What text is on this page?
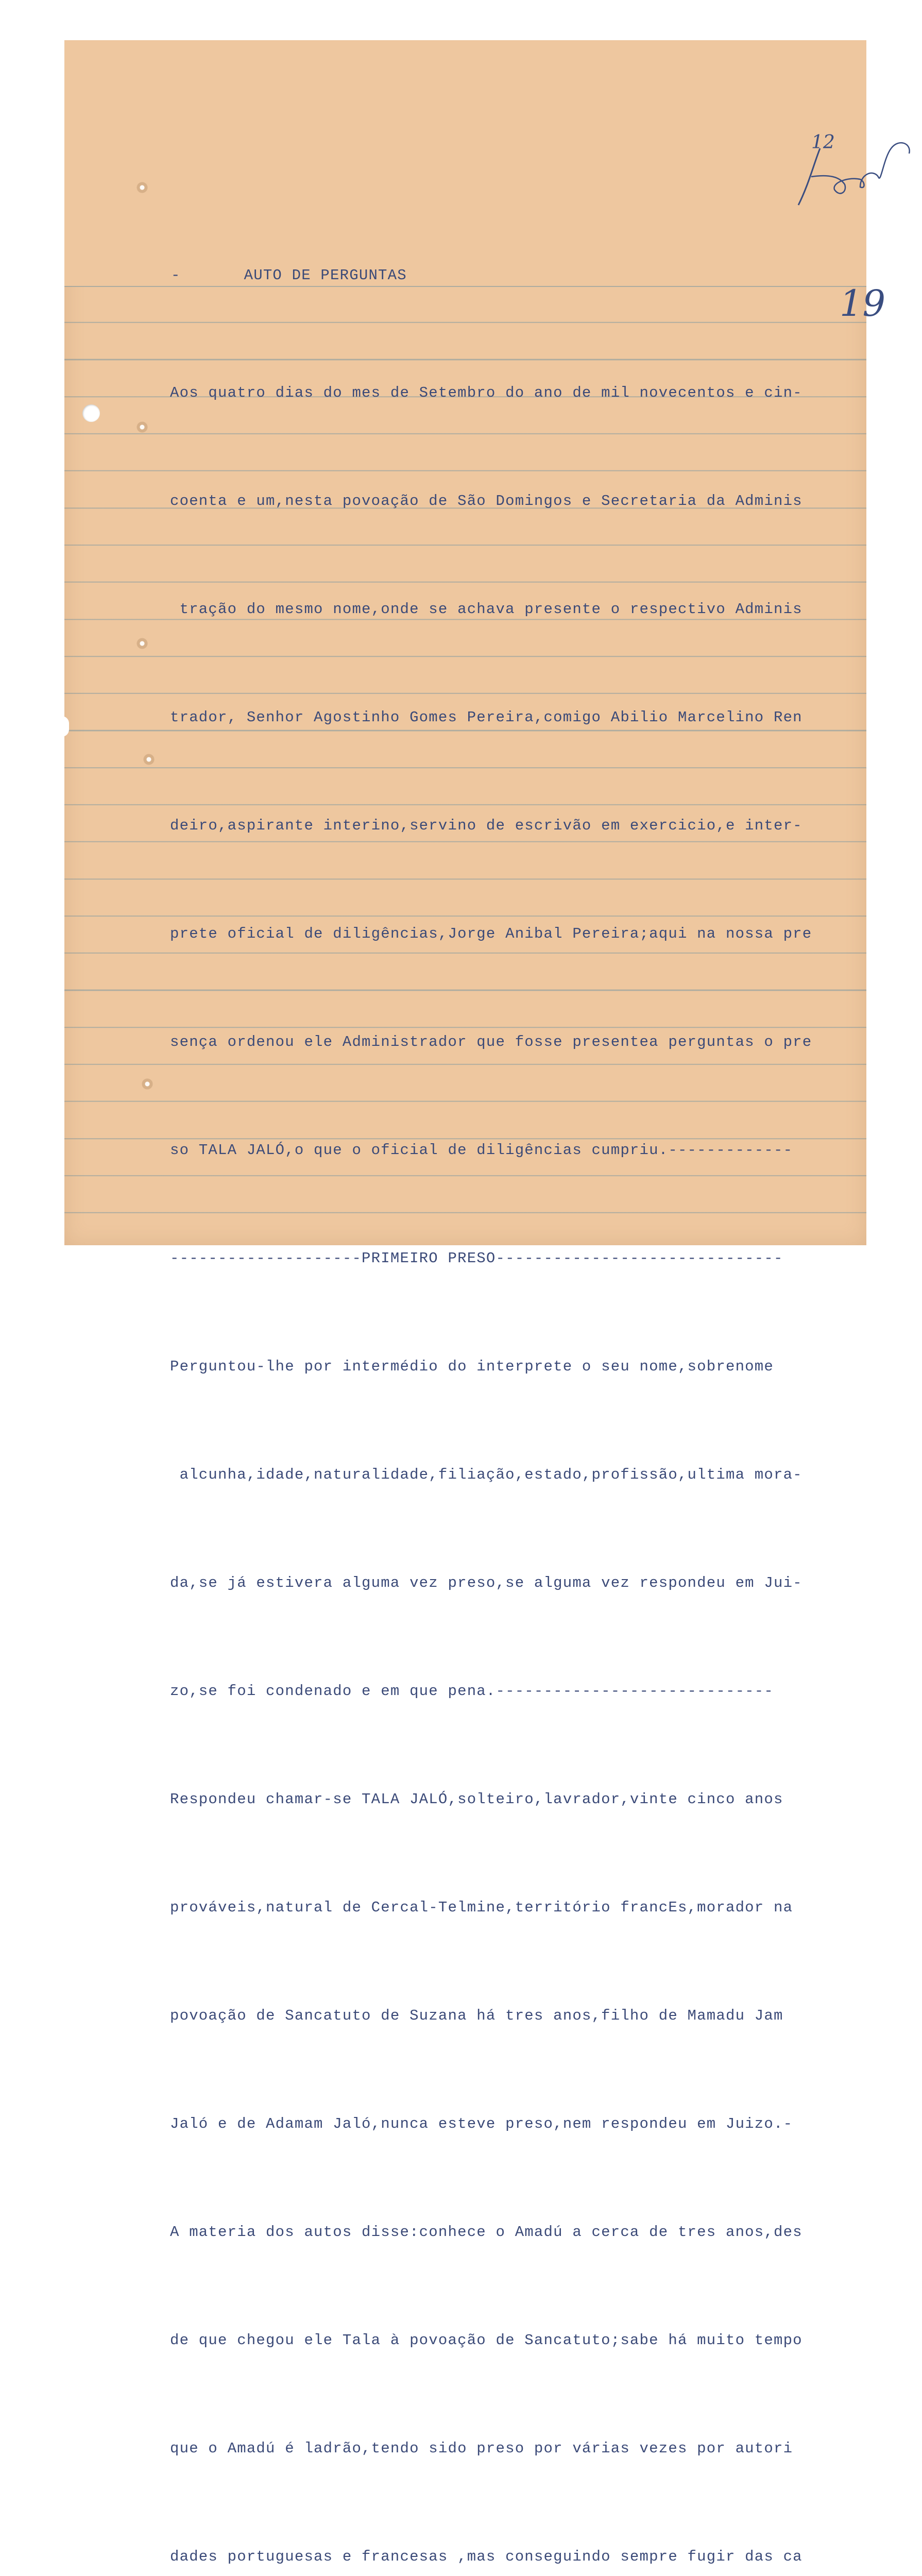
12
19
-	AUTO DE PERGUNTAS

Aos quatro dias do mes de Setembro do ano de mil novecentos e cin-

coenta e um,nesta povoação de São Domingos e Secretaria da Adminis

tração do mesmo nome,onde se achava presente o respectivo Adminis

trador, Senhor Agostinho Gomes Pereira,comigo Abilio Marcelino Ren

deiro,aspirante interino,servino de escrivão em exercicio,e inter-

prete oficial de diligências,Jorge Anibal Pereira;aqui na nossa pre

sença ordenou ele Administrador que fosse presentea perguntas o pre

so TALA JALÓ,o que o oficial de diligências cumpriu.-------------

--------------------PRIMEIRO PRESO------------------------------

Perguntou-lhe por intermédio do interprete o seu nome,sobrenome

alcunha,idade,naturalidade,filiação,estado,profissão,ultima mora-

da,se já estivera alguma vez preso,se alguma vez respondeu em Jui-

zo,se foi condenado e em que pena.-----------------------------

Respondeu chamar-se TALA JALÓ,solteiro,lavrador,vinte cinco anos

prováveis,natural de Cercal-Telmine,território francEs,morador na

povoação de Sancatuto de Suzana há tres anos,filho de Mamadu Jam

Jaló e de Adamam Jaló,nunca esteve preso,nem respondeu em Juizo.-

A materia dos autos disse:conhece o Amadú a cerca de tres anos,des

de que chegou ele Tala à povoação de Sancatuto;sabe há muito tempo

que o Amadú é ladrão,tendo sido preso por várias vezes por autori

dades portuguesas e francesas ,mas conseguindo sempre fugir das ca
